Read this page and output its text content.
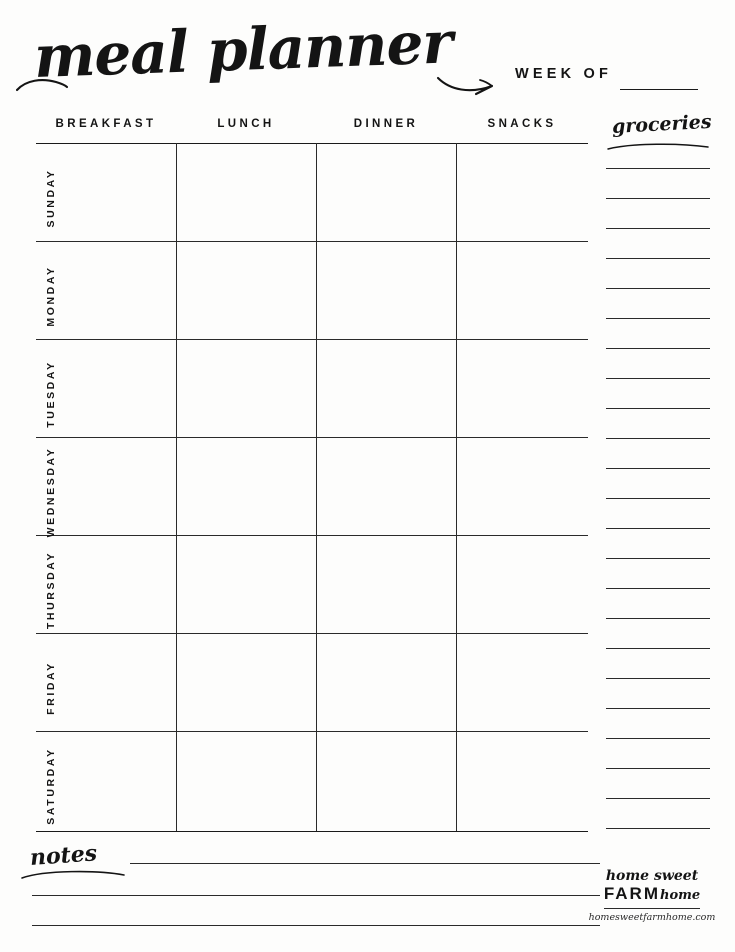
meal planner	WEEK OF
BREAKFAST	LUNCH	DINNER	SNACKS
SUNDAY
MONDAY
TUESDAY
WEDNESDAY
THURSDAY
FRIDAY
SATURDAY
groceries
notes
home sweet
FARMhome
homesweetfarmhome.com
